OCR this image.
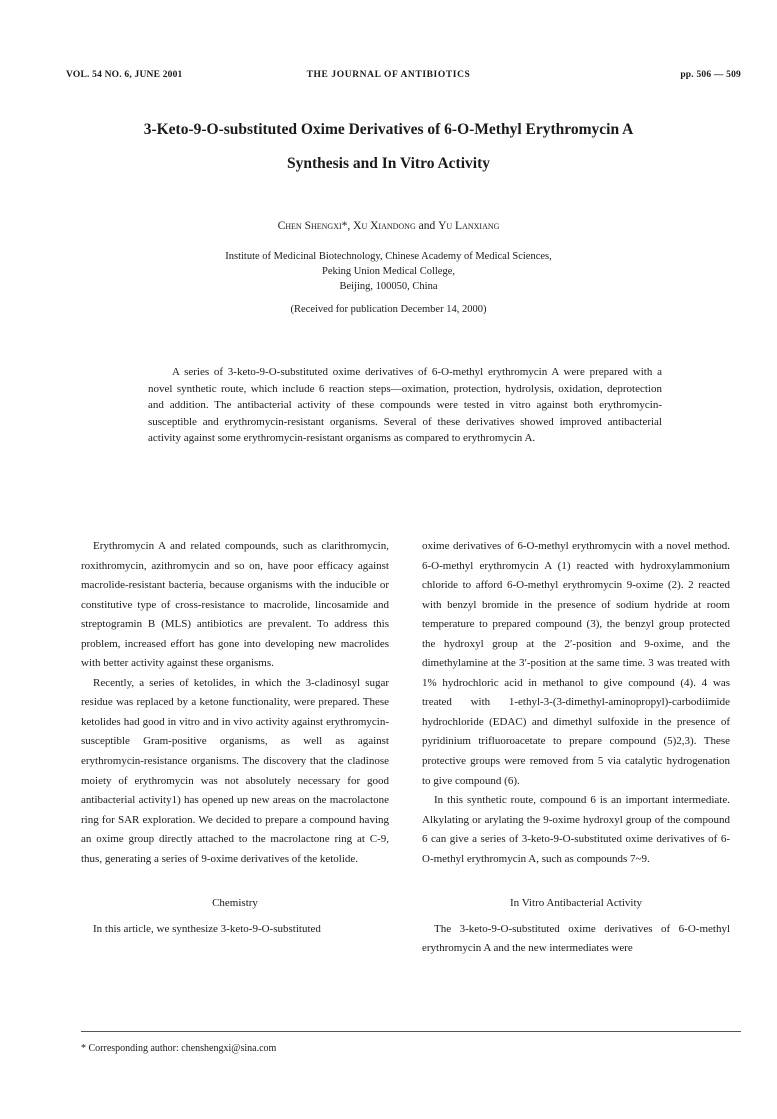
VOL. 54 NO. 6, JUNE 2001	THE JOURNAL OF ANTIBIOTICS	pp. 506 — 509
3-Keto-9-O-substituted Oxime Derivatives of 6-O-Methyl Erythromycin A
Synthesis and In Vitro Activity
Chen Shengxi*, Xu Xiandong and Yu Lanxiang
Institute of Medicinal Biotechnology, Chinese Academy of Medical Sciences,
Peking Union Medical College,
Beijing, 100050, China
(Received for publication December 14, 2000)
A series of 3-keto-9-O-substituted oxime derivatives of 6-O-methyl erythromycin A were prepared with a novel synthetic route, which include 6 reaction steps—oximation, protection, hydrolysis, oxidation, deprotection and addition. The antibacterial activity of these compounds were tested in vitro against both erythromycin-susceptible and erythromycin-resistant organisms. Several of these derivatives showed improved antibacterial activity against some erythromycin-resistant organisms as compared to erythromycin A.

Erythromycin A and related compounds, such as clarithromycin, roxithromycin, azithromycin and so on, have poor efficacy against macrolide-resistant bacteria, because organisms with the inducible or constitutive type of cross-resistance to macrolide, lincosamide and streptogramin B (MLS) antibiotics are prevalent. To address this problem, increased effort has gone into developing new macrolides with better activity against these organisms.

Recently, a series of ketolides, in which the 3-cladinosyl sugar residue was replaced by a ketone functionality, were prepared. These ketolides had good in vitro and in vivo activity against erythromycin-susceptible Gram-positive organisms, as well as against erythromycin-resistance organisms. The discovery that the cladinose moiety of erythromycin was not absolutely necessary for good antibacterial activity1) has opened up new areas on the macrolactone ring for SAR exploration. We decided to prepare a compound having an oxime group directly attached to the macrolactone ring at C-9, thus, generating a series of 9-oxime derivatives of the ketolide.

Chemistry

In this article, we synthesize 3-keto-9-O-substituted

oxime derivatives of 6-O-methyl erythromycin with a novel method. 6-O-methyl erythromycin A (1) reacted with hydroxylammonium chloride to afford 6-O-methyl erythromycin 9-oxime (2). 2 reacted with benzyl bromide in the presence of sodium hydride at room temperature to prepared compound (3), the benzyl group protected the hydroxyl group at the 2′-position and 9-oxime, and the dimethylamine at the 3′-position at the same time. 3 was treated with 1% hydrochloric acid in methanol to give compound (4). 4 was treated with 1-ethyl-3-(3-dimethyl-aminopropyl)-carbodiimide hydrochloride (EDAC) and dimethyl sulfoxide in the presence of pyridinium trifluoroacetate to prepare compound (5)2,3). These protective groups were removed from 5 via catalytic hydrogenation to give compound (6).

In this synthetic route, compound 6 is an important intermediate. Alkylating or arylating the 9-oxime hydroxyl group of the compound 6 can give a series of 3-keto-9-O-substituted oxime derivatives of 6-O-methyl erythromycin A, such as compounds 7~9.

In Vitro Antibacterial Activity

The 3-keto-9-O-substituted oxime derivatives of 6-O-methyl erythromycin A and the new intermediates were

* Corresponding author: chenshengxi@sina.com
